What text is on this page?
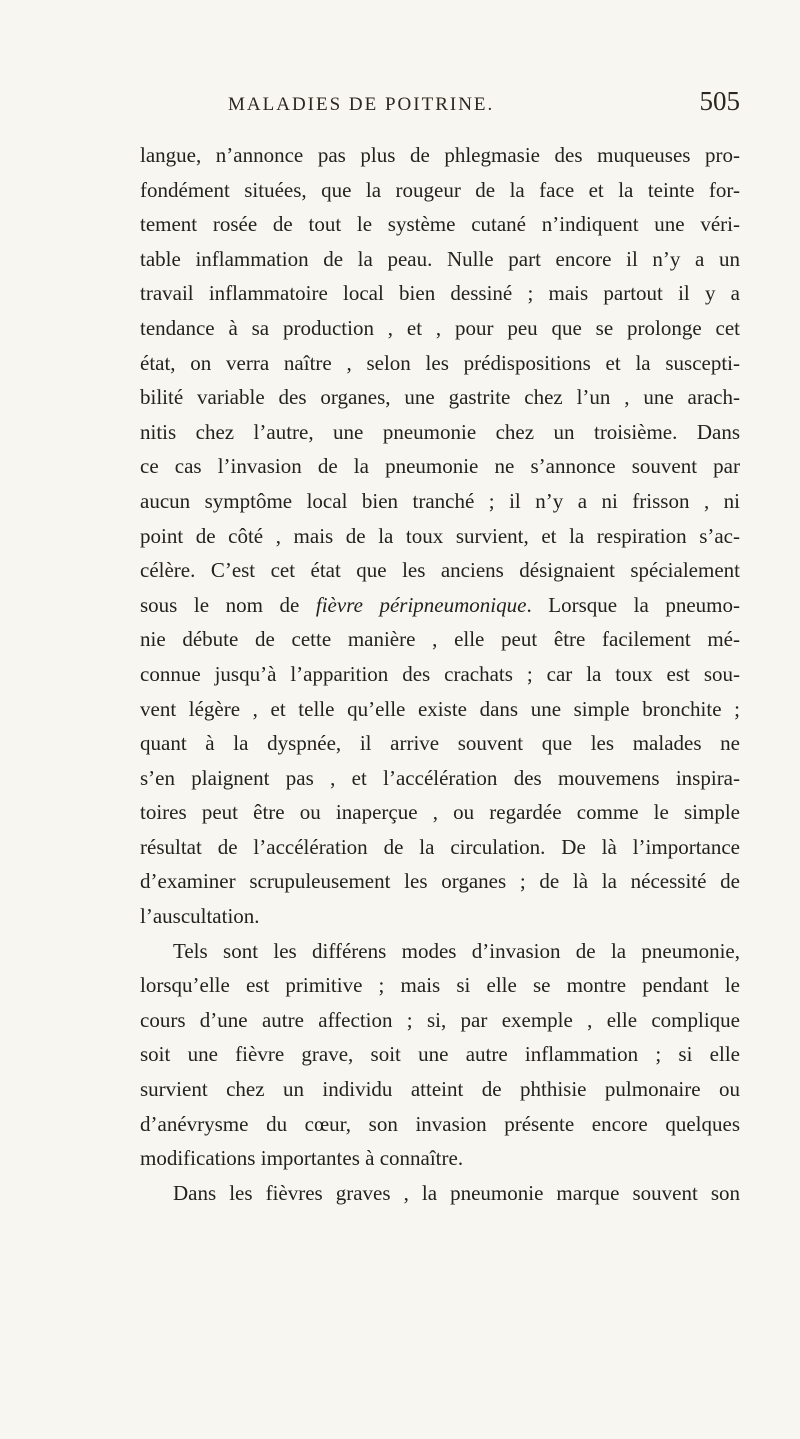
MALADIES DE POITRINE.	505
langue, n’annonce pas plus de phlegmasie des muqueuses pro-
fondément situées, que la rougeur de la face et la teinte for-
tement rosée de tout le système cutané n’indiquent une véri-
table inflammation de la peau. Nulle part encore il n’y a un
travail inflammatoire local bien dessiné ; mais partout il y a
tendance à sa production , et , pour peu que se prolonge cet
état, on verra naître , selon les prédispositions et la suscepti-
bilité variable des organes, une gastrite chez l’un , une arach-
nitis chez l’autre, une pneumonie chez un troisième. Dans
ce cas l’invasion de la pneumonie ne s’annonce souvent par
aucun symptôme local bien tranché ; il n’y a ni frisson , ni
point de côté , mais de la toux survient, et la respiration s’ac-
célère. C’est cet état que les anciens désignaient spécialement
sous le nom de fièvre péripneumonique. Lorsque la pneumo-
nie débute de cette manière , elle peut être facilement mé-
connue jusqu’à l’apparition des crachats ; car la toux est sou-
vent légère , et telle qu’elle existe dans une simple bronchite ;
quant à la dyspnée, il arrive souvent que les malades ne
s’en plaignent pas , et l’accélération des mouvemens inspira-
toires peut être ou inaperçue , ou regardée comme le simple
résultat de l’accélération de la circulation. De là l’importance
d’examiner scrupuleusement les organes ; de là la nécessité de
l’auscultation.
Tels sont les différens modes d’invasion de la pneumonie,
lorsqu’elle est primitive ; mais si elle se montre pendant le
cours d’une autre affection ; si, par exemple , elle complique
soit une fièvre grave, soit une autre inflammation ; si elle
survient chez un individu atteint de phthisie pulmonaire ou
d’anévrysme du cœur, son invasion présente encore quelques
modifications importantes à connaître.
Dans les fièvres graves , la pneumonie marque souvent son
